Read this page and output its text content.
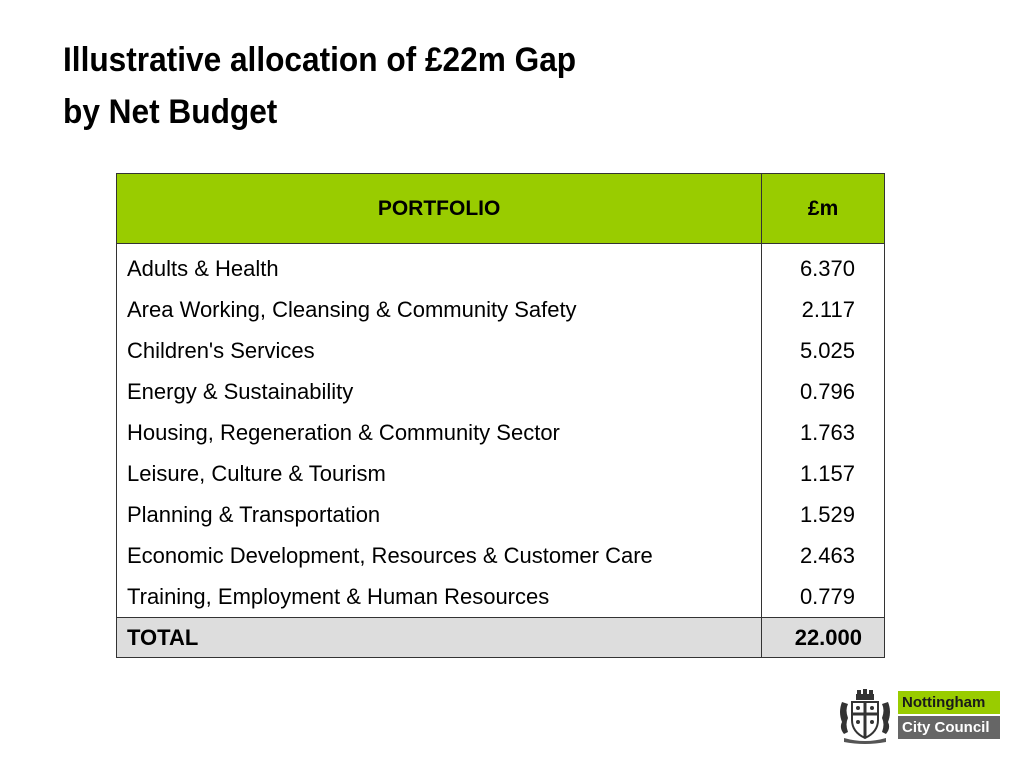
Illustrative allocation of £22m Gap
by Net Budget
PORTFOLIO	£m
Adults & Health	6.370
Area Working, Cleansing & Community Safety	2.117
Children's Services	5.025
Energy & Sustainability	0.796
Housing, Regeneration & Community Sector	1.763
Leisure, Culture & Tourism	1.157
Planning & Transportation	1.529
Economic Development, Resources & Customer Care	2.463
Training, Employment & Human Resources	0.779
TOTAL	22.000
Nottingham
City Council
